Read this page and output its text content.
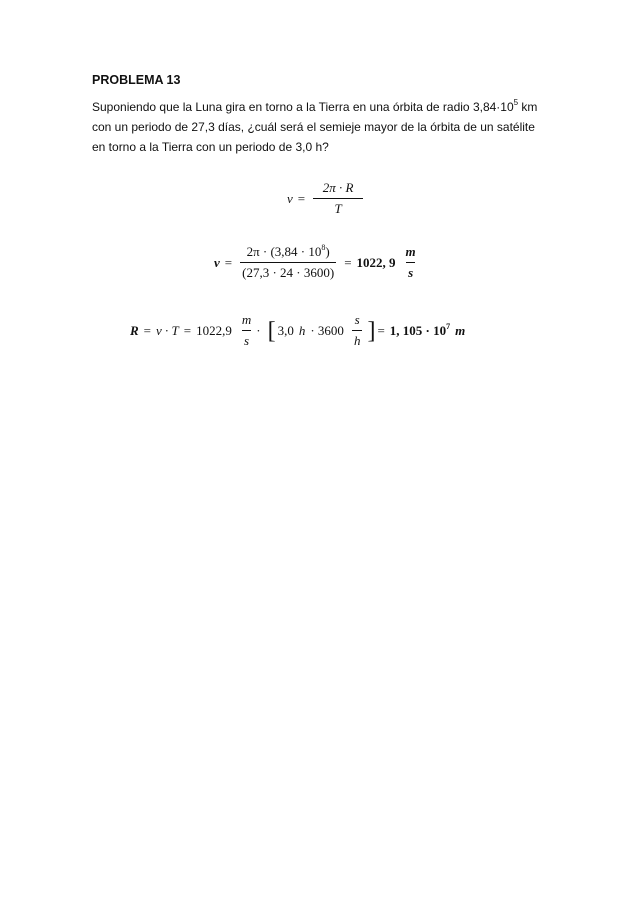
PROBLEMA 13

Suponiendo que la Luna gira en torno a la Tierra en una órbita de radio $3,84\cdot 10^5$ km
con un periodo de 27,3 días, ¿cuál será el semieje mayor de la órbita de un satélite
en torno a la Tierra con un periodo de 3,0 h?

$v = \frac{2\pi \cdot R}{T}$
$v = \frac{2\pi \cdot (3,84 \cdot 10^8)}{(27,3 \cdot 24 \cdot 3600)} = 1022$, $9 \frac{m}{s}$
$R = v \cdot T = 1022,9 \frac{m}{s}$ · [ 3,0 $h \cdot 3600 \frac{s}{h}$ ] = 1, $105 \cdot 10^7$ m
